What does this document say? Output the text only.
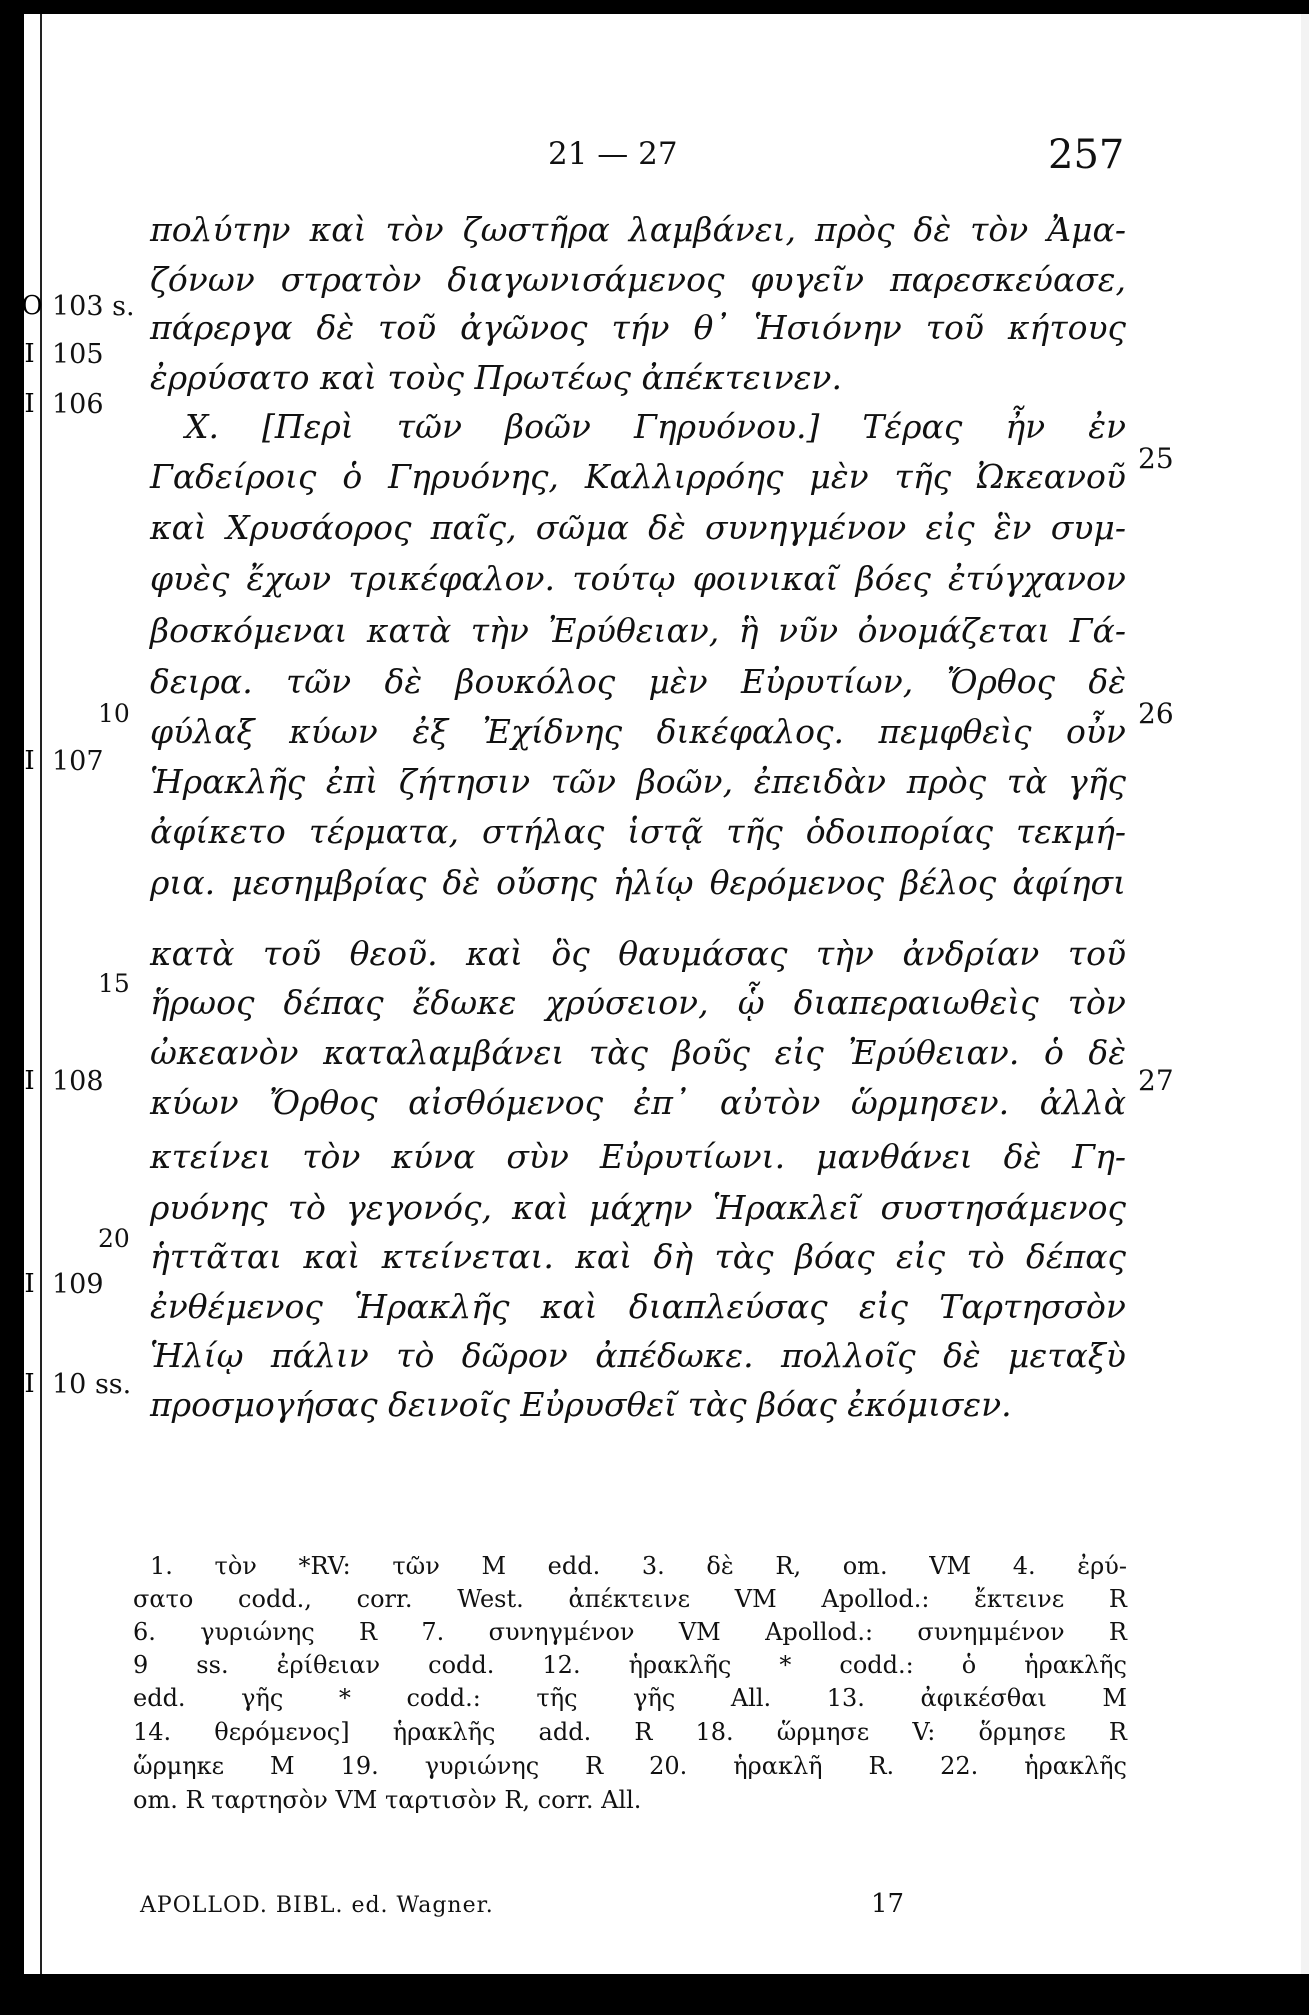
21 — 27	257
ΣΟ
ΟΙ
ΟΙ
ΟΙ
ΟΙ
ΟΙ
ΟΙ
103 s.
105
106
107
108
109
10 ss.
10
15
20
25
26
27
πολύτην καὶ τὸν ζωστῆρα λαμβάνει, πρὸς δὲ τὸν Ἀμα-
ζόνων στρατὸν διαγωνισάμενος φυγεῖν παρεσκεύασε,
πάρεργα δὲ τοῦ ἀγῶνος τήν θ᾽ Ἡσιόνην τοῦ κήτους
ἐρρύσατο καὶ τοὺς Πρωτέως ἀπέκτεινεν.
X. [Περὶ τῶν βοῶν Γηρυόνου.] Τέρας ἦν ἐν
Γαδείροις ὁ Γηρυόνης, Καλλιρρόης μὲν τῆς Ὠκεανοῦ
καὶ Χρυσάορος παῖς, σῶμα δὲ συνηγμένον εἰς ἓν συμ-
φυὲς ἔχων τρικέφαλον. τούτῳ φοινικαῖ βόες ἐτύγχανον
βοσκόμεναι κατὰ τὴν Ἐρύθειαν, ἣ νῦν ὀνομάζεται Γά-
δειρα. τῶν δὲ βουκόλος μὲν Εὐρυτίων, Ὄρθος δὲ
φύλαξ κύων ἐξ Ἐχίδνης δικέφαλος. πεμφθεὶς οὖν
Ἡρακλῆς ἐπὶ ζήτησιν τῶν βοῶν, ἐπειδὰν πρὸς τὰ γῆς
ἀφίκετο τέρματα, στήλας ἱστᾷ τῆς ὁδοιπορίας τεκμή-
ρια. μεσημβρίας δὲ οὔσης ἡλίῳ θερόμενος βέλος ἀφίησι
κατὰ τοῦ θεοῦ. καὶ ὃς θαυμάσας τὴν ἀνδρίαν τοῦ
ἥρωος δέπας ἔδωκε χρύσειον, ᾧ διαπεραιωθεὶς τὸν
ὠκεανὸν καταλαμβάνει τὰς βοῦς εἰς Ἐρύθειαν. ὁ δὲ
κύων Ὄρθος αἰσθόμενος ἐπ᾽ αὐτὸν ὥρμησεν. ἀλλὰ
κτείνει τὸν κύνα σὺν Εὐρυτίωνι. μανθάνει δὲ Γη-
ρυόνης τὸ γεγονός, καὶ μάχην Ἡρακλεῖ συστησάμενος
ἡττᾶται καὶ κτείνεται. καὶ δὴ τὰς βόας εἰς τὸ δέπας
ἐνθέμενος Ἡρακλῆς καὶ διαπλεύσας εἰς Ταρτησσὸν
Ἡλίῳ πάλιν τὸ δῶρον ἀπέδωκε. πολλοῖς δὲ μεταξὺ
προσμογήσας δεινοῖς Εὐρυσθεῖ τὰς βόας ἐκόμισεν.
1. τὸν *RV: τῶν M edd. 3. δὲ R, om. VM 4. ἐρύ-
σατο codd., corr. West. ἀπέκτεινε VM Apollod.: ἔκτεινε R
6. γυριώνης R 7. συνηγμένον VM Apollod.: συνημμένον R
9 ss. ἐρίθειαν codd. 12. ἡρακλῆς * codd.: ὁ ἡρακλῆς
edd. γῆς * codd.: τῆς γῆς All. 13. ἀφικέσθαι M
14. θερόμενος] ἡρακλῆς add. R 18. ὥρμησε V: ὅρμησε R
ὥρμηκε M 19. γυριώνης R 20. ἡρακλῆ R. 22. ἡρακλῆς
om. R ταρτησὸν VM ταρτισὸν R, corr. All.
APOLLOD. BIBL. ed. Wagner.	17
